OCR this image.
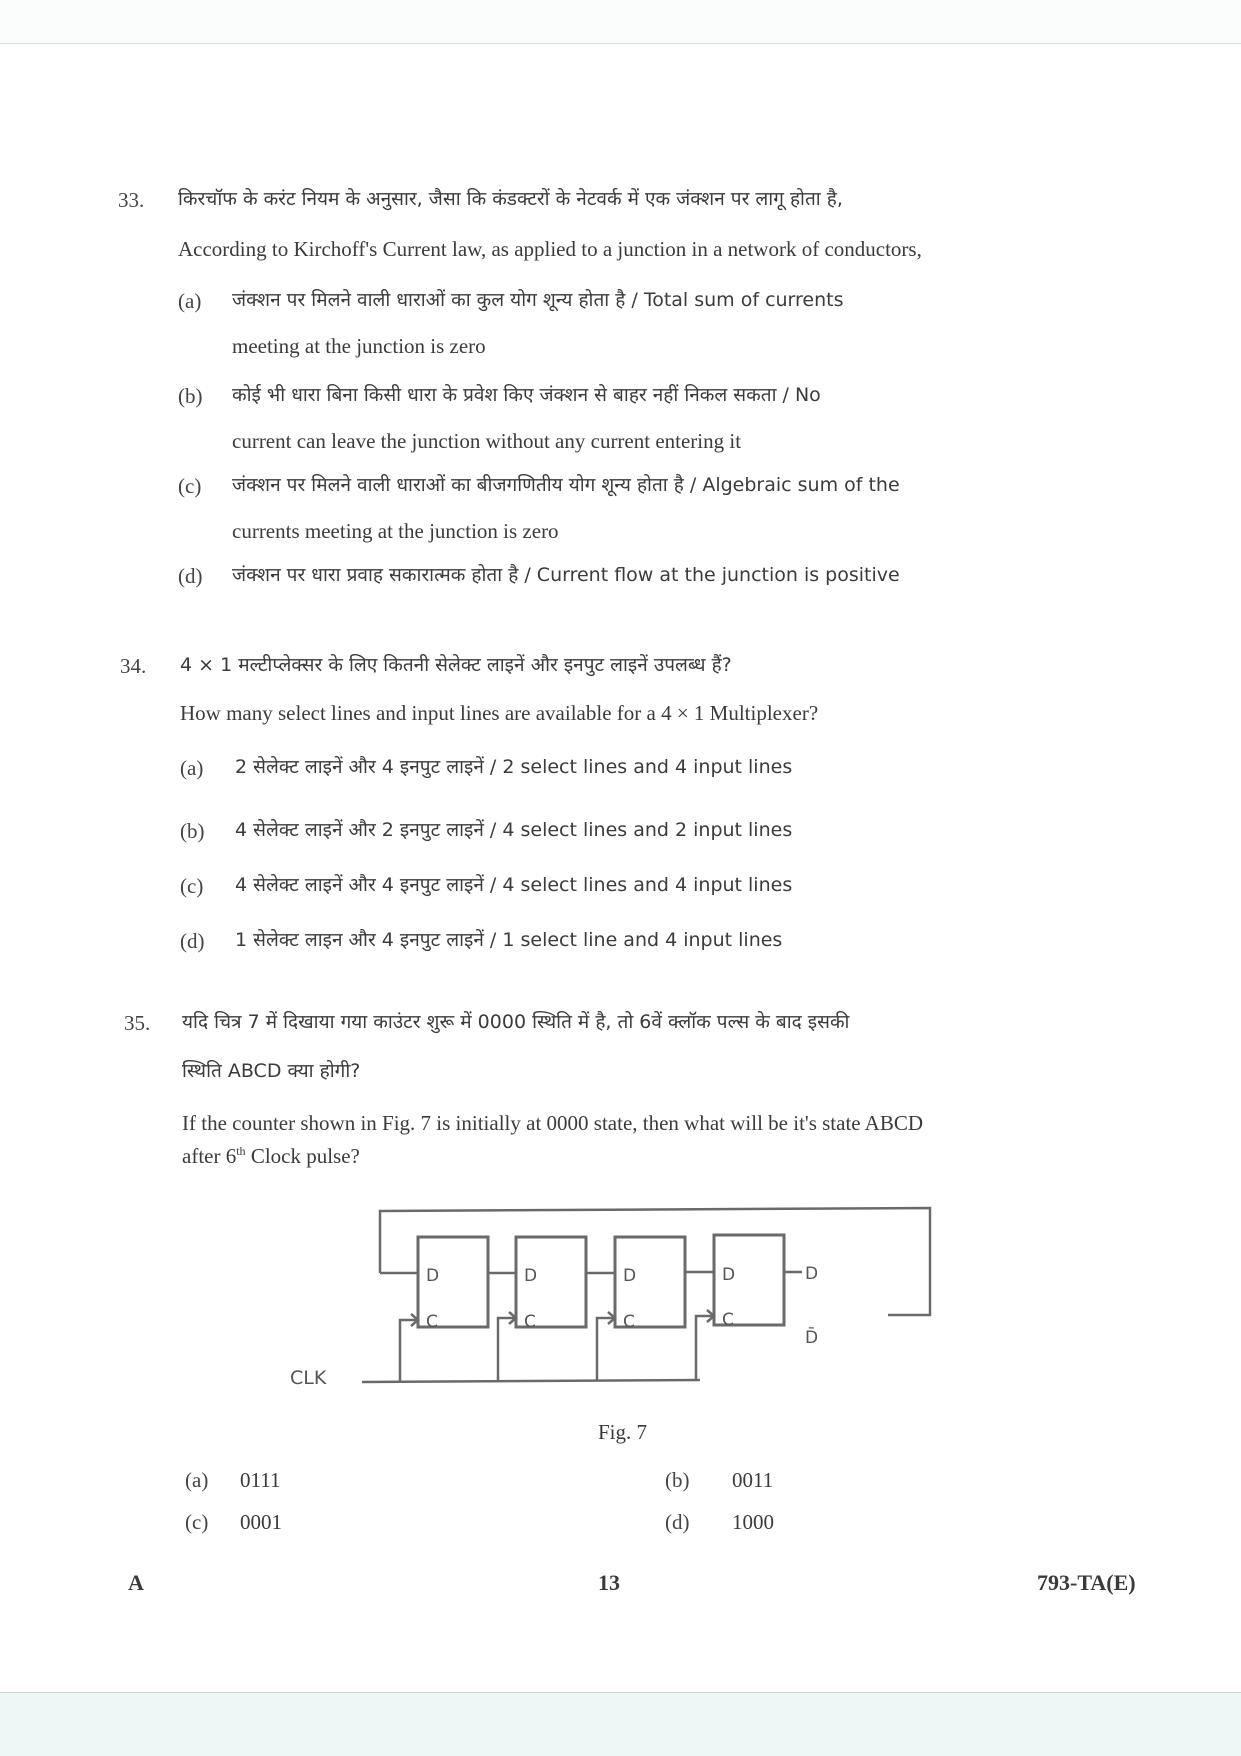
33. किरचॉफ के करंट नियम के अनुसार, जैसा कि कंडक्टरों के नेटवर्क में एक जंक्शन पर लागू होता है,
According to Kirchoff's Current law, as applied to a junction in a network of conductors,
(a) जंक्शन पर मिलने वाली धाराओं का कुल योग शून्य होता है / Total sum of currents
meeting at the junction is zero
(b) कोई भी धारा बिना किसी धारा के प्रवेश किए जंक्शन से बाहर नहीं निकल सकता / No
current can leave the junction without any current entering it
(c) जंक्शन पर मिलने वाली धाराओं का बीजगणितीय योग शून्य होता है / Algebraic sum of the
currents meeting at the junction is zero
(d) जंक्शन पर धारा प्रवाह सकारात्मक होता है / Current flow at the junction is positive
34. 4 × 1 मल्टीप्लेक्सर के लिए कितनी सेलेक्ट लाइनें और इनपुट लाइनें उपलब्ध हैं?
How many select lines and input lines are available for a 4 × 1 Multiplexer?
(a) 2 सेलेक्ट लाइनें और 4 इनपुट लाइनें / 2 select lines and 4 input lines
(b) 4 सेलेक्ट लाइनें और 2 इनपुट लाइनें / 4 select lines and 2 input lines
(c) 4 सेलेक्ट लाइनें और 4 इनपुट लाइनें / 4 select lines and 4 input lines
(d) 1 सेलेक्ट लाइन और 4 इनपुट लाइनें / 1 select line and 4 input lines
35. यदि चित्र 7 में दिखाया गया काउंटर शुरू में 0000 स्थिति में है, तो 6वें क्लॉक पल्स के बाद इसकी
स्थिति ABCD क्या होगी?
If the counter shown in Fig. 7 is initially at 0000 state, then what will be it's state ABCD
after 6th Clock pulse?
D
C
D
C
D
C
D
C
D
D̄
CLK
Fig. 7
(a) 0111	(b) 0011
(c) 0001	(d) 1000
A	13	793-TA(E)
